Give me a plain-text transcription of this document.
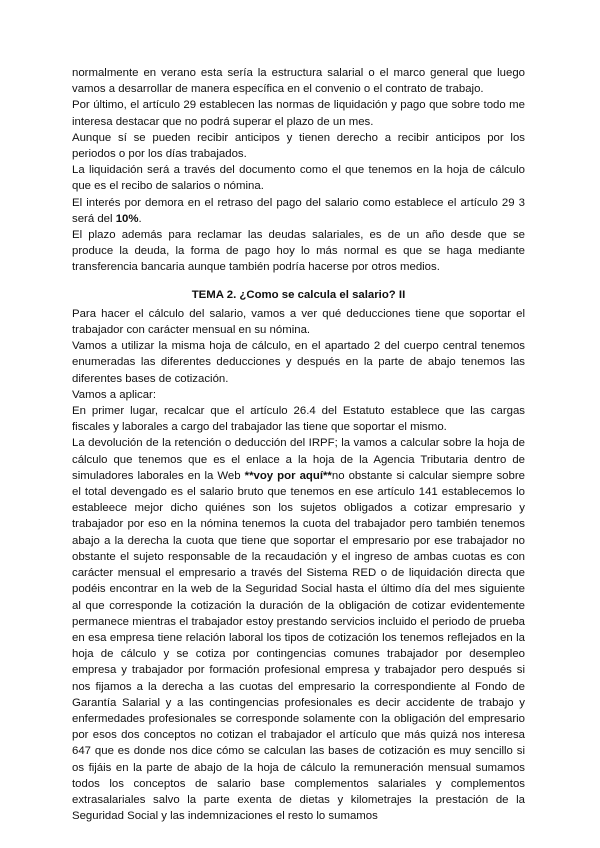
normalmente en verano esta sería la estructura salarial o el marco general que luego vamos a desarrollar de manera específica en el convenio o el contrato de trabajo.

Por último, el artículo 29 establecen las normas de liquidación y pago que sobre todo me interesa destacar que no podrá superar el plazo de un mes.

Aunque sí se pueden recibir anticipos y tienen derecho a recibir anticipos por los periodos o por los días trabajados.

La liquidación será a través del documento como el que tenemos en la hoja de cálculo que es el recibo de salarios o nómina.

El interés por demora en el retraso del pago del salario como establece el artículo 29 3 será del 10%.

El plazo además para reclamar las deudas salariales, es de un año desde que se produce la deuda, la forma de pago hoy lo más normal es que se haga mediante transferencia bancaria aunque también podría hacerse por otros medios.

TEMA 2. ¿Como se calcula el salario? II

Para hacer el cálculo del salario, vamos a ver qué deducciones tiene que soportar el trabajador con carácter mensual en su nómina.

Vamos a utilizar la misma hoja de cálculo, en el apartado 2 del cuerpo central tenemos enumeradas las diferentes deducciones y después en la parte de abajo tenemos las diferentes bases de cotización.

Vamos a aplicar:

En primer lugar, recalcar que el artículo 26.4 del Estatuto establece que las cargas fiscales y laborales a cargo del trabajador las tiene que soportar el mismo.

La devolución de la retención o deducción del IRPF; la vamos a calcular sobre la hoja de cálculo que tenemos que es el enlace a la hoja de la Agencia Tributaria dentro de simuladores laborales en la Web **voy por aquí**no obstante si calcular siempre sobre el total devengado es el salario bruto que tenemos en ese artículo 141 establecemos lo estableece mejor dicho quiénes son los sujetos obligados a cotizar empresario y trabajador por eso en la nómina tenemos la cuota del trabajador pero también tenemos abajo a la derecha la cuota que tiene que soportar el empresario por ese trabajador no obstante el sujeto responsable de la recaudación y el ingreso de ambas cuotas es con carácter mensual el empresario a través del Sistema RED o de liquidación directa que podéis encontrar en la web de la Seguridad Social hasta el último día del mes siguiente al que corresponde la cotización la duración de la obligación de cotizar evidentemente permanece mientras el trabajador estoy prestando servicios incluido el periodo de prueba en esa empresa tiene relación laboral los tipos de cotización los tenemos reflejados en la hoja de cálculo y se cotiza por contingencias comunes trabajador por desempleo empresa y trabajador por formación profesional empresa y trabajador pero después si nos fijamos a la derecha a las cuotas del empresario la correspondiente al Fondo de Garantía Salarial y a las contingencias profesionales es decir accidente de trabajo y enfermedades profesionales se corresponde solamente con la obligación del empresario por esos dos conceptos no cotizan el trabajador el artículo que más quizá nos interesa 647 que es donde nos dice cómo se calculan las bases de cotización es muy sencillo si os fijáis en la parte de abajo de la hoja de cálculo la remuneración mensual sumamos todos los conceptos de salario base complementos salariales y complementos extrasalariales salvo la parte exenta de dietas y kilometrajes la prestación de la Seguridad Social y las indemnizaciones el resto lo sumamos
